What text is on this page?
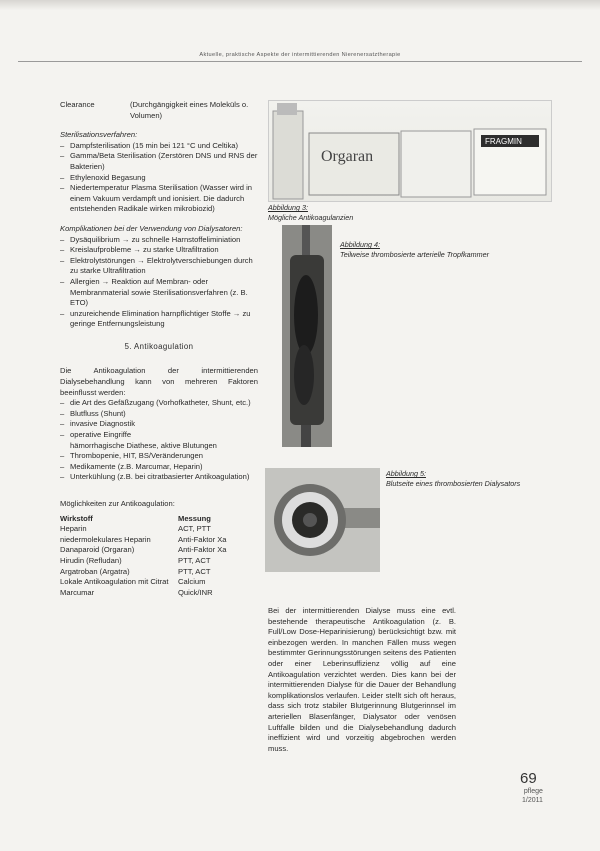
Aktuelle, praktische Aspekte der intermittierenden Nierenersatztherapie
Clearance	(Durchgängigkeit eines Moleküls o. Volumen)
Sterilisationsverfahren:
– Dampfsterilisation (15 min bei 121 °C und Celtika)
– Gamma/Beta Sterilisation (Zerstören DNS und RNS der Bakterien)
– Ethylenoxid Begasung
– Niedertemperatur Plasma Sterilisation (Wasser wird in einem Vakuum verdampft und ionisiert. Die dadurch entstehenden Radikale wirken mikrobiozid)
Komplikationen bei der Verwendung von Dialysatoren:
– Dysäquilibrium → zu schnelle Harnstoffeliminiation
– Kreislaufprobleme → zu starke Ultrafiltration
– Elektrolytstörungen → Elektrolytverschiebungen durch zu starke Ultrafiltration
– Allergien → Reaktion auf Membran- oder Membranmaterial sowie Sterilisationsverfahren (z. B. ETO)
– unzureichende Elimination harnpflichtiger Stoffe → zu geringe Entfernungsleistung
5. Antikoagulation
Die Antikoagulation der intermittierenden Dialysebehandlung kann von mehreren Faktoren beeinflusst werden:
– die Art des Gefäßzugang (Vorhofkatheter, Shunt, etc.)
– Blutfluss (Shunt)
– invasive Diagnostik
– operative Eingriffe
hämorrhagische Diathese, aktive Blutungen
– Thrombopenie, HIT, BS/Veränderungen
– Medikamente (z.B. Marcumar, Heparin)
– Unterkühlung (z.B. bei citratbasierter Antikoagulation)
Möglichkeiten zur Antikoagulation:
Wirkstoff	Messung
Heparin	ACT, PTT
niedermolekulares Heparin	Anti-Faktor Xa
Danaparoid (Orgaran)	Anti-Faktor Xa
Hirudin (Refludan)	PTT, ACT
Argatroban (Argatra)	PTT, ACT
Lokale Antikoagulation mit Citrat	Calcium
Marcumar	Quick/INR
Orgaran
FRAGMIN
Abbildung 3:
Mögliche Antikoagulanzien
Abbildung 4:
Teilweise thrombosierte arterielle Tropfkammer
Abbildung 5:
Blutseite eines thrombosierten Dialysators
Bei der intermittierenden Dialyse muss eine evtl. bestehende therapeutische Antikoagulation (z. B. Full/Low Dose-Heparinisierung) berücksichtigt bzw. mit einbezogen werden. In manchen Fällen muss wegen bestimmter Gerinnungsstörungen seitens des Patienten oder einer Leberinsuffizienz völlig auf eine Antikoagulation verzichtet werden. Dies kann bei der intermittierenden Dialyse für die Dauer der Behandlung komplikationslos verlaufen. Leider stellt sich oft heraus, dass sich trotz stabiler Blutgerinnung Blutgerinnsel im arteriellen Blasenfänger, Dialysator oder venösen Luftfalle bilden und die Dialysebehandlung dadurch ineffizient wird und vorzeitig abgebrochen werden muss.
69
pflege
1/2011
